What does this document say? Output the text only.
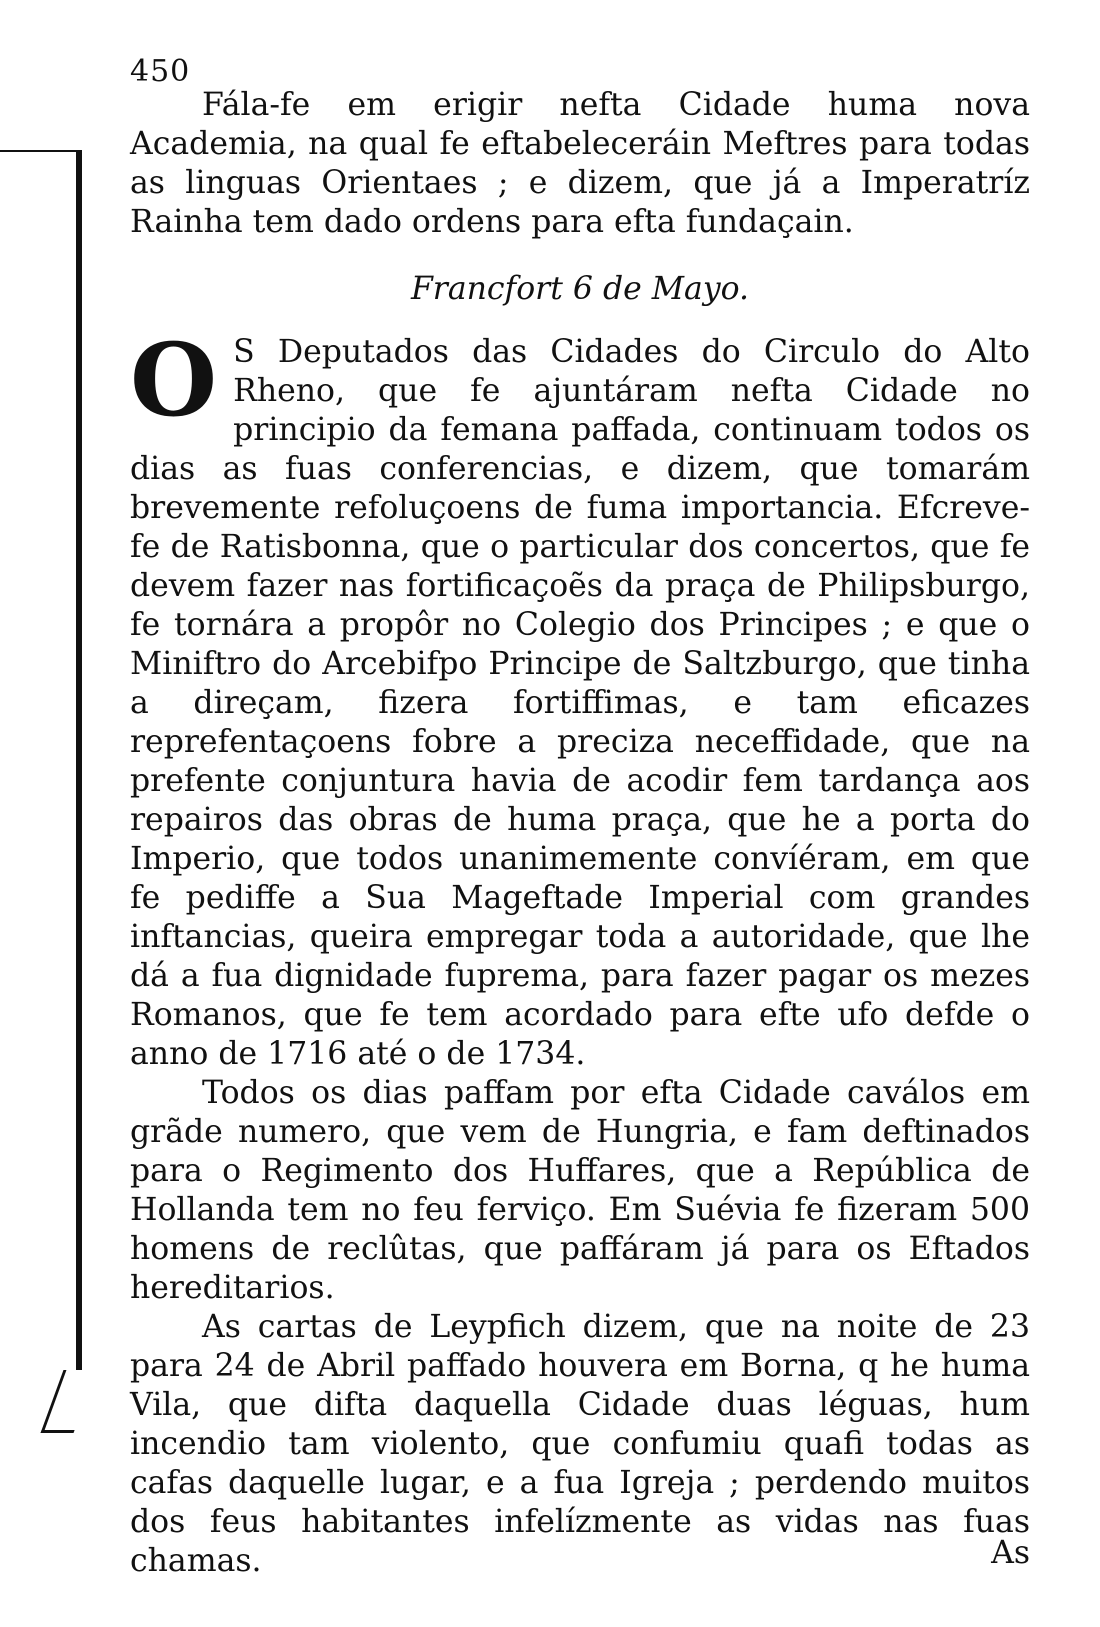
450

Fála-fe em erigir nefta Cidade huma nova Academia, na qual fe eftabeleceráin Meftres para todas as linguas Orientaes ; e dizem, que já a Imperatríz Rainha tem dado ordens para efta fundaçain.

Francfort 6 de Mayo.

O S Deputados das Cidades do Circulo do Alto Rheno, que fe ajuntáram nefta Cidade no principio da femana paffada, continuam todos os dias as fuas conferencias, e dizem, que tomarám brevemente refoluçoens de fuma importancia. Efcreve-fe de Ratisbonna, que o particular dos concertos, que fe devem fazer nas fortificaçoẽs da praça de Philipsburgo, fe tornára a propôr no Colegio dos Principes ; e que o Miniftro do Arcebifpo Principe de Saltzburgo, que tinha a direçam, fizera fortiffimas, e tam eficazes reprefentaçoens fobre a preciza neceffidade, que na prefente conjuntura havia de acodir fem tardança aos repairos das obras de huma praça, que he a porta do Imperio, que todos unanimemente convíéram, em que fe pediffe a Sua Mageftade Imperial com grandes inftancias, queira empregar toda a autoridade, que lhe dá a fua dignidade fuprema, para fazer pagar os mezes Romanos, que fe tem acordado para efte ufo defde o anno de 1716 até o de 1734.

Todos os dias paffam por efta Cidade caválos em grãde numero, que vem de Hungria, e fam deftinados para o Regimento dos Huffares, que a República de Hollanda tem no feu ferviço. Em Suévia fe fizeram 500 homens de reclûtas, que paffáram já para os Eftados hereditarios.

As cartas de Leypfich dizem, que na noite de 23 para 24 de Abril paffado houvera em Borna, q he huma Vila, que difta daquella Cidade duas léguas, hum incendio tam violento, que confumiu quafi todas as cafas daquelle lugar, e a fua Igreja ; perdendo muitos dos feus habitantes infelízmente as vidas nas fuas chamas.	As
